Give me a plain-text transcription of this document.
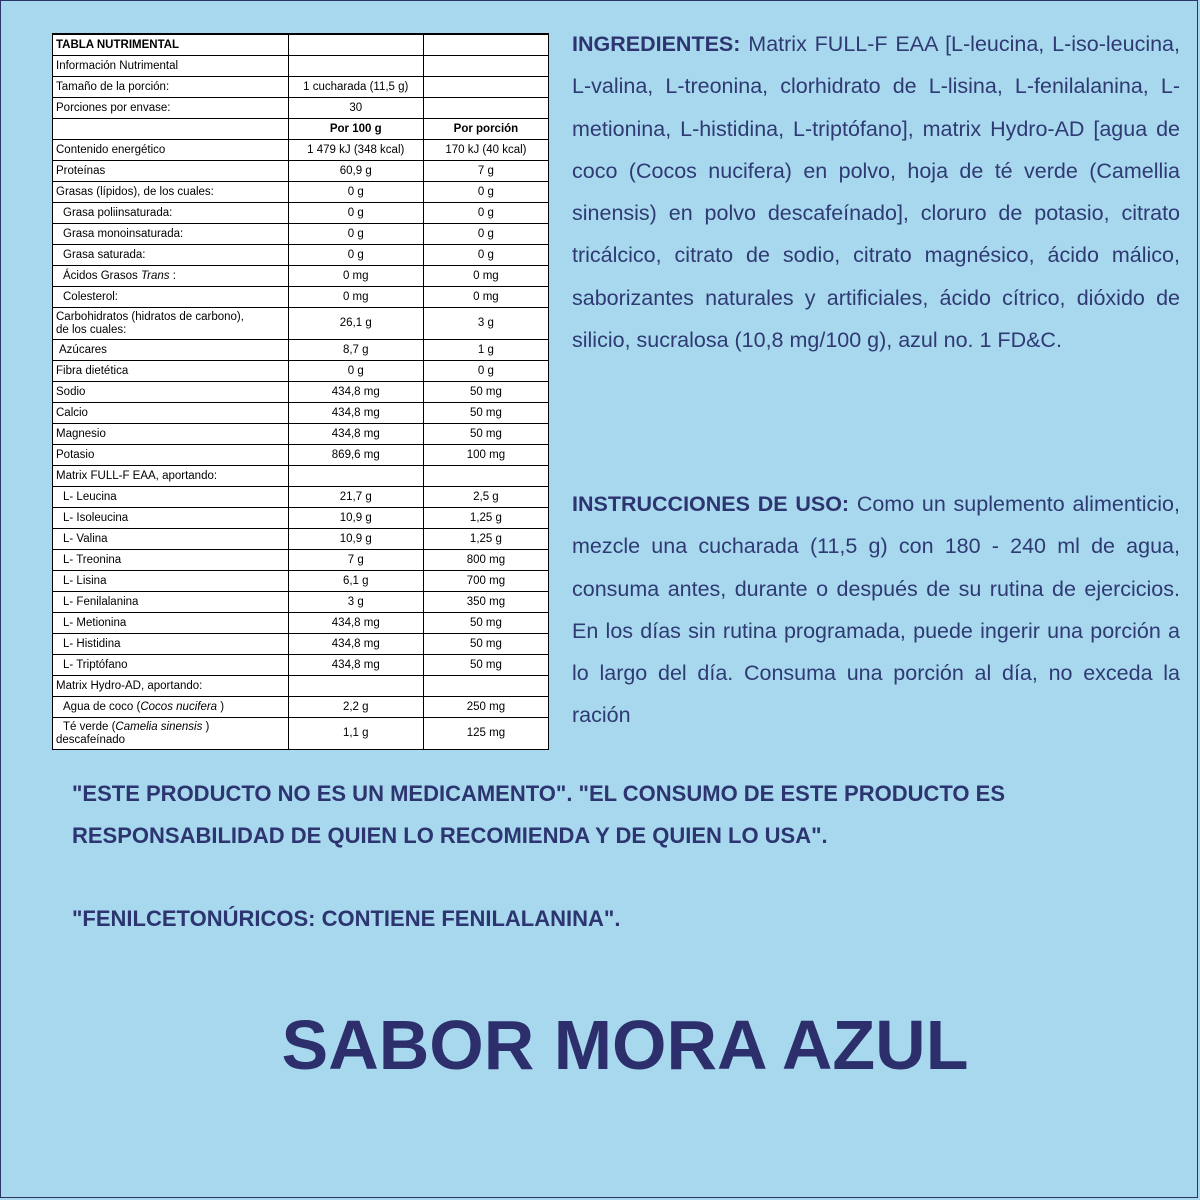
TABLA NUTRIMENTAL		
Información Nutrimental		
Tamaño de la porción:	1 cucharada (11,5 g)	
Porciones por envase:	30	
	Por 100 g	Por porción
Contenido energético	1 479 kJ (348 kcal)	170 kJ (40 kcal)
Proteínas	60,9 g	7 g
Grasas (lípidos), de los cuales:	0 g	0 g
Grasa poliinsaturada:	0 g	0 g
Grasa monoinsaturada:	0 g	0 g
Grasa saturada:	0 g	0 g
Ácidos Grasos Trans :	0 mg	0 mg
Colesterol:	0 mg	0 mg
Carbohidratos (hidratos de carbono),
de los cuales:	26,1 g	3 g
Azúcares	8,7 g	1 g
Fibra dietética	0 g	0 g
Sodio	434,8 mg	50 mg
Calcio	434,8 mg	50 mg
Magnesio	434,8 mg	50 mg
Potasio	869,6 mg	100 mg
Matrix FULL-F EAA, aportando:		
L- Leucina	21,7 g	2,5 g
L- Isoleucina	10,9 g	1,25 g
L- Valina	10,9 g	1,25 g
L- Treonina	7 g	800 mg
L- Lisina	6,1 g	700 mg
L- Fenilalanina	3 g	350 mg
L- Metionina	434,8 mg	50 mg
L- Histidina	434,8 mg	50 mg
L- Triptófano	434,8 mg	50 mg
Matrix Hydro-AD, aportando:		
Agua de coco (Cocos nucifera )	2,2 g	250 mg
Té verde (Camelia sinensis )
descafeínado	1,1 g	125 mg
INGREDIENTES: Matrix FULL-F EAA [L-leucina, L-iso-leucina, L-valina, L-treonina, clorhidrato de L-lisina, L-fenilalanina, L-metionina, L-histidina, L-triptófano], matrix Hydro-AD [agua de coco (Cocos nucifera) en polvo, hoja de té verde (Camellia sinensis) en polvo descafeínado], cloruro de potasio, citrato tricálcico, citrato de sodio, citrato magnésico, ácido málico, saborizantes naturales y artificiales, ácido cítrico, dióxido de silicio, sucralosa (10,8 mg/100 g), azul no. 1 FD&C.
INSTRUCCIONES DE USO: Como un suplemento alimenticio, mezcle una cucharada (11,5 g) con 180 - 240 ml de agua, consuma antes, durante o después de su rutina de ejercicios. En los días sin rutina programada, puede ingerir una porción a lo largo del día. Consuma una porción al día, no exceda la ración
"ESTE PRODUCTO NO ES UN MEDICAMENTO". "EL CONSUMO DE ESTE PRODUCTO ES RESPONSABILIDAD DE QUIEN LO RECOMIENDA Y DE QUIEN LO USA".
"FENILCETONÚRICOS: CONTIENE FENILALANINA".
SABOR MORA AZUL
